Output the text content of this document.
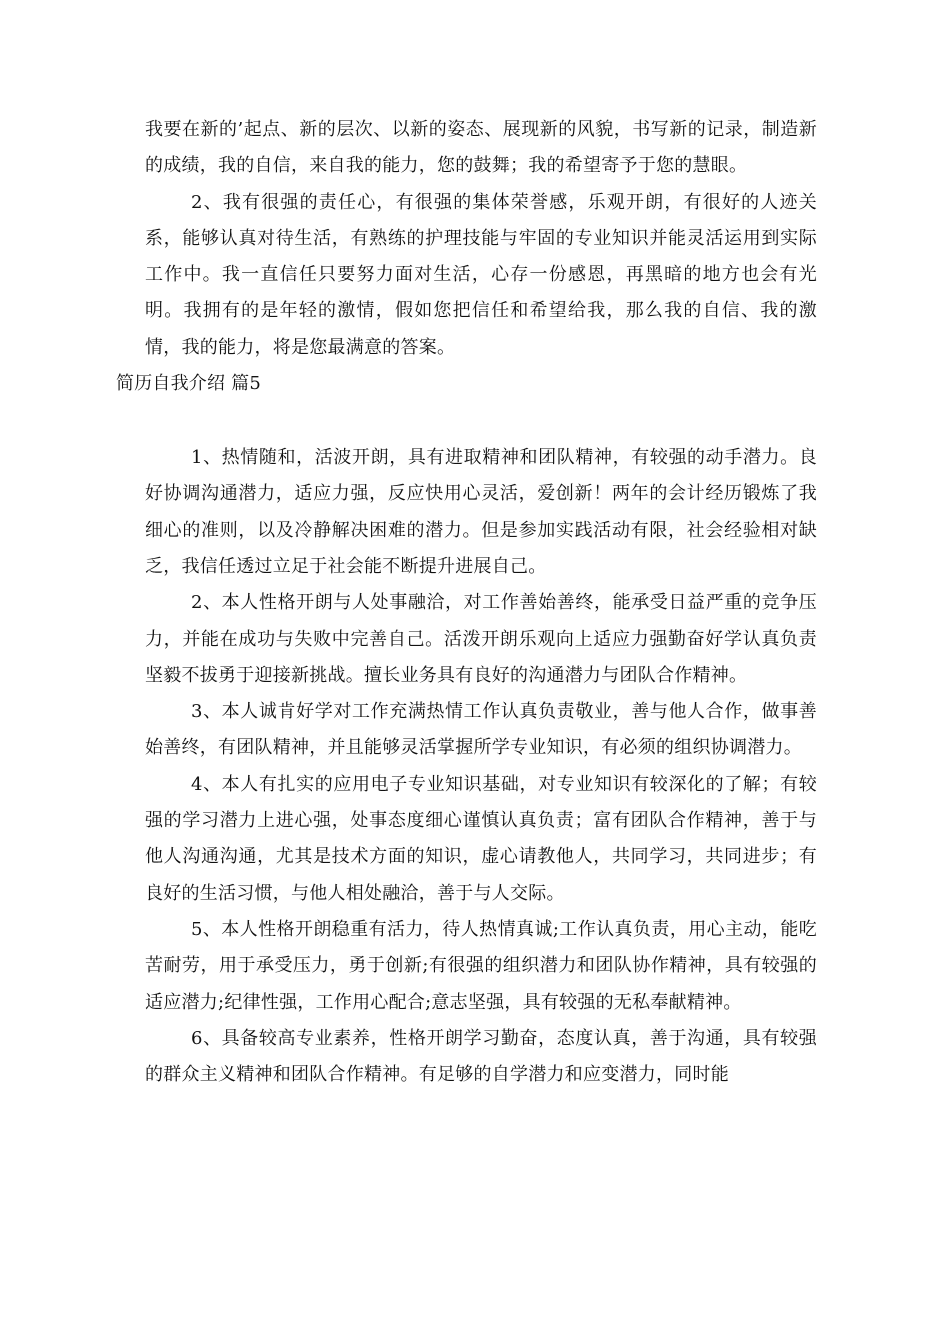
我要在新的’起点、新的层次、以新的姿态、展现新的风貌，书写新的记录，制造新的成绩，我的自信，来自我的能力，您的鼓舞；我的希望寄予于您的慧眼。

2、我有很强的责任心，有很强的集体荣誉感，乐观开朗，有很好的人迹关系，能够认真对待生活，有熟练的护理技能与牢固的专业知识并能灵活运用到实际工作中。我一直信任只要努力面对生活，心存一份感恩，再黑暗的地方也会有光明。我拥有的是年轻的激情，假如您把信任和希望给我，那么我的自信、我的激情，我的能力，将是您最满意的答案。

简历自我介绍 篇5

1、热情随和，活波开朗，具有进取精神和团队精神，有较强的动手潜力。良好协调沟通潜力，适应力强，反应快用心灵活，爱创新！两年的会计经历锻炼了我细心的准则，以及冷静解决困难的潜力。但是参加实践活动有限，社会经验相对缺乏，我信任透过立足于社会能不断提升进展自己。

2、本人性格开朗与人处事融洽，对工作善始善终，能承受日益严重的竞争压力，并能在成功与失败中完善自己。活泼开朗乐观向上适应力强勤奋好学认真负责坚毅不拔勇于迎接新挑战。擅长业务具有良好的沟通潜力与团队合作精神。

3、本人诚肯好学对工作充满热情工作认真负责敬业，善与他人合作，做事善始善终，有团队精神，并且能够灵活掌握所学专业知识，有必须的组织协调潜力。

4、本人有扎实的应用电子专业知识基础，对专业知识有较深化的了解；有较强的学习潜力上进心强，处事态度细心谨慎认真负责；富有团队合作精神，善于与他人沟通沟通，尤其是技术方面的知识，虚心请教他人，共同学习，共同进步；有良好的生活习惯，与他人相处融洽，善于与人交际。

5、本人性格开朗稳重有活力，待人热情真诚;工作认真负责，用心主动，能吃苦耐劳，用于承受压力，勇于创新;有很强的组织潜力和团队协作精神，具有较强的适应潜力;纪律性强，工作用心配合;意志坚强，具有较强的无私奉献精神。

6、具备较高专业素养，性格开朗学习勤奋，态度认真，善于沟通，具有较强的群众主义精神和团队合作精神。有足够的自学潜力和应变潜力，同时能
